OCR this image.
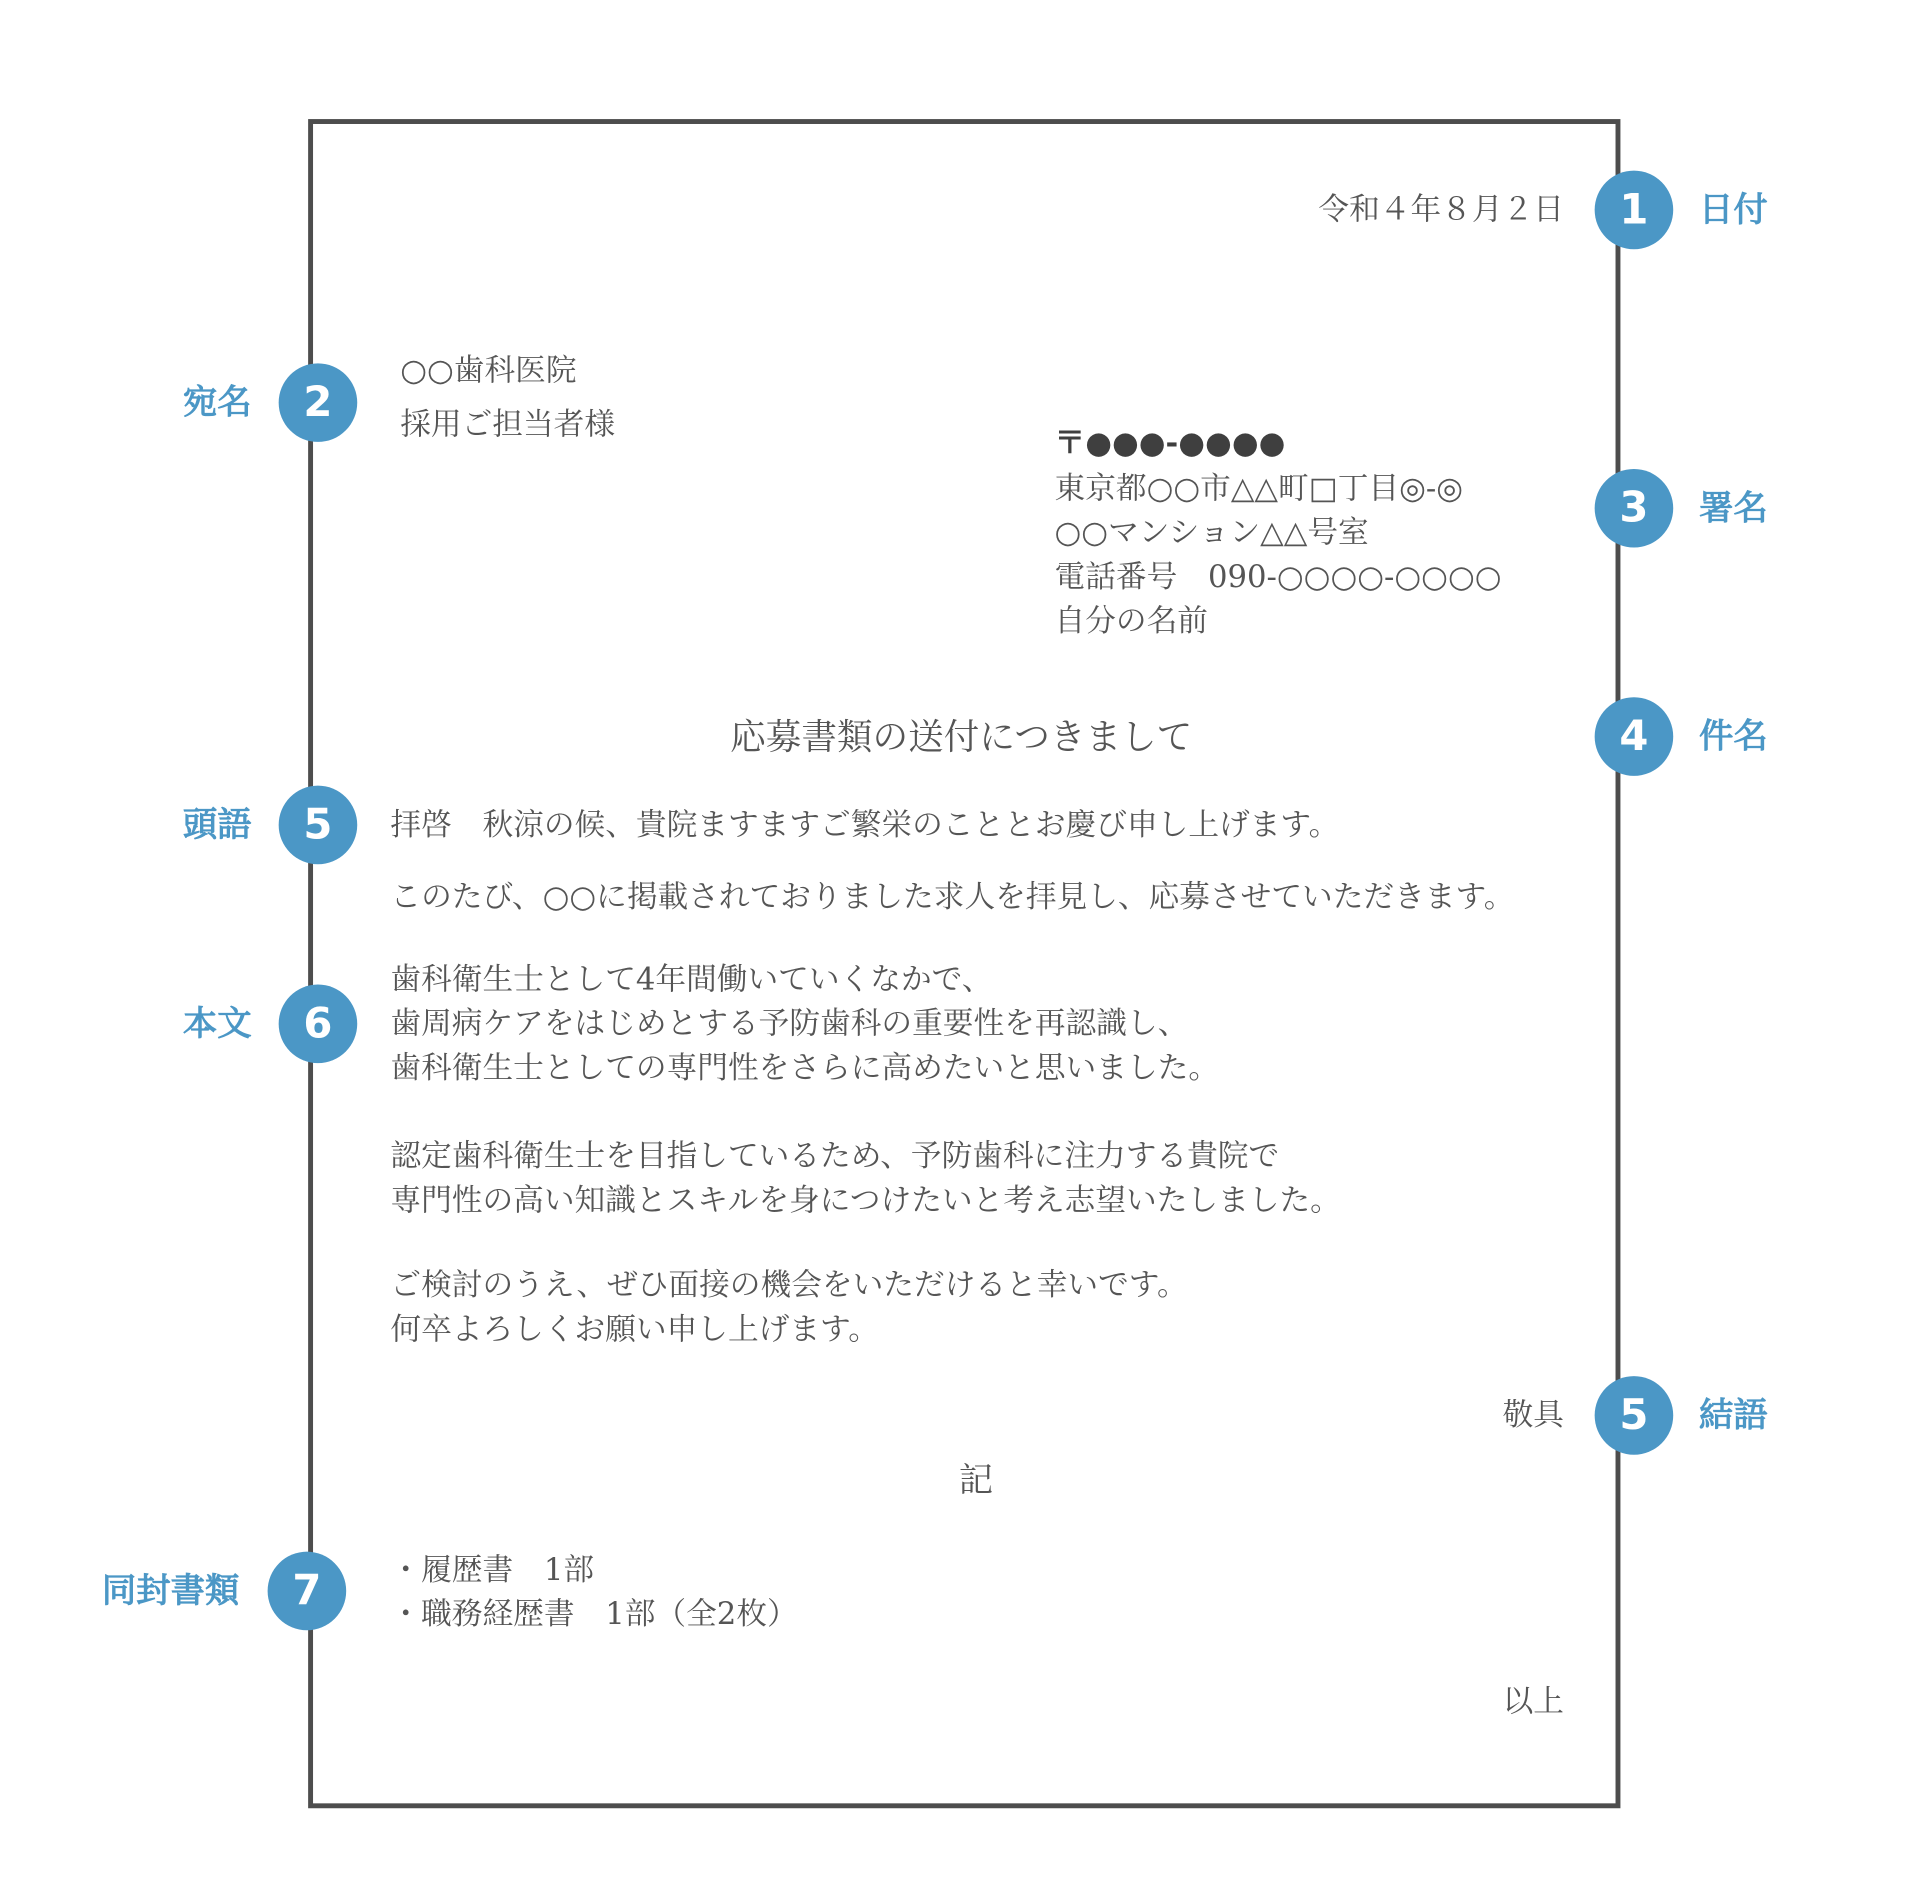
令和４年８月２日
○○歯科医院
採用ご担当者様
〒●●●-●●●●
東京都○○市△△町□丁目◎-◎
○○マンション△△号室
電話番号　090-○○○○-○○○○
自分の名前
応募書類の送付につきまして
拝啓　秋涼の候、貴院ますますご繁栄のこととお慶び申し上げます。
このたび、○○に掲載されておりました求人を拝見し、応募させていただきます。
歯科衛生士として4年間働いていくなかで、
歯周病ケアをはじめとする予防歯科の重要性を再認識し、
歯科衛生士としての専門性をさらに高めたいと思いました。
認定歯科衛生士を目指しているため、予防歯科に注力する貴院で
専門性の高い知識とスキルを身につけたいと考え志望いたしました。
ご検討のうえ、ぜひ面接の機会をいただけると幸いです。
何卒よろしくお願い申し上げます。
敬具
記
・履歴書　1部
・職務経歴書　1部（全2枚）
以上
1	日付
3	署名
4	件名
5	結語
2
宛名
5
頭語
6
本文
7
同封書類
